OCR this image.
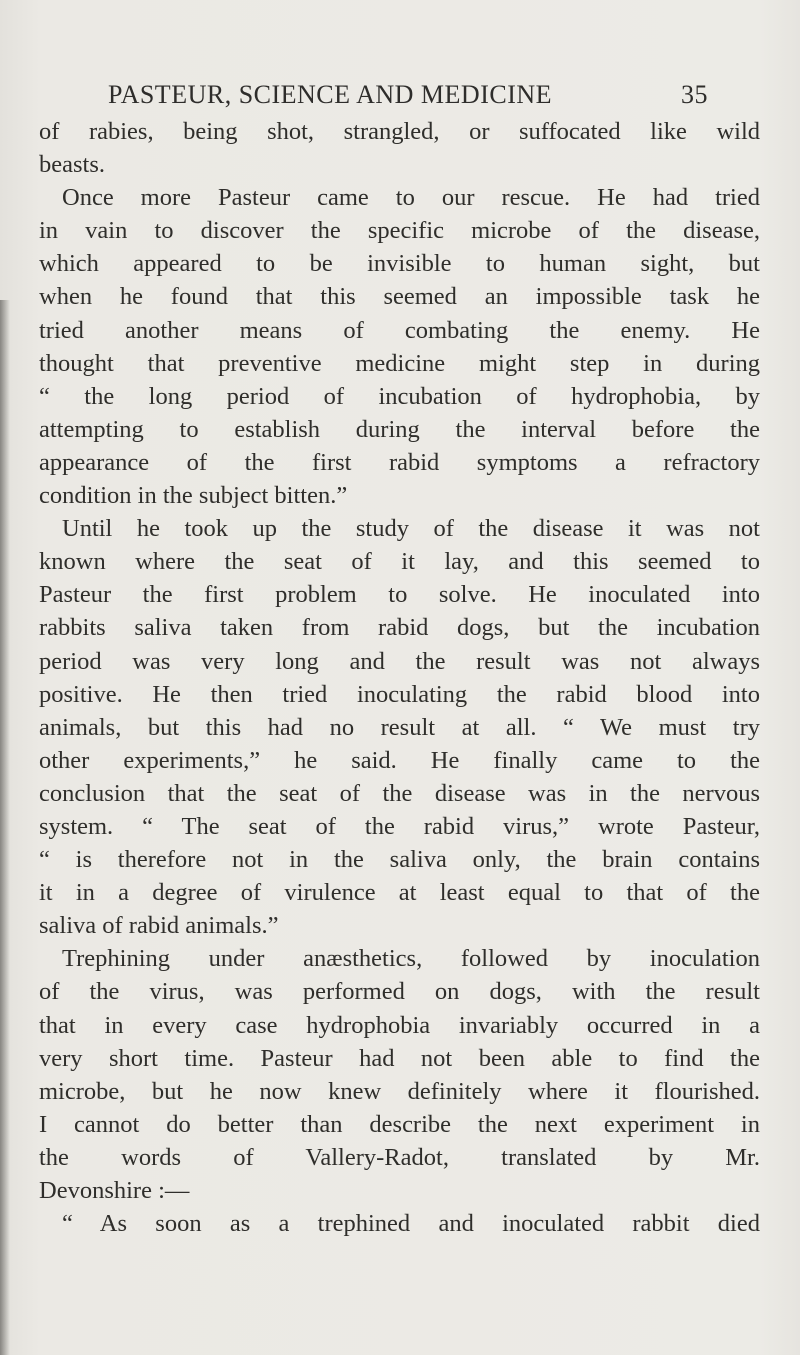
PASTEUR, SCIENCE AND MEDICINE	35
of rabies, being shot, strangled, or suffocated like wild
beasts.
Once more Pasteur came to our rescue. He had tried
in vain to discover the specific microbe of the disease,
which appeared to be invisible to human sight, but
when he found that this seemed an impossible task he
tried another means of combating the enemy. He
thought that preventive medicine might step in during
“ the long period of incubation of hydrophobia, by
attempting to establish during the interval before the
appearance of the first rabid symptoms a refractory
condition in the subject bitten.”
Until he took up the study of the disease it was not
known where the seat of it lay, and this seemed to
Pasteur the first problem to solve. He inoculated into
rabbits saliva taken from rabid dogs, but the incubation
period was very long and the result was not always
positive. He then tried inoculating the rabid blood into
animals, but this had no result at all. “ We must try
other experiments,” he said. He finally came to the
conclusion that the seat of the disease was in the nervous
system. “ The seat of the rabid virus,” wrote Pasteur,
“ is therefore not in the saliva only, the brain contains
it in a degree of virulence at least equal to that of the
saliva of rabid animals.”
Trephining under anæsthetics, followed by inoculation
of the virus, was performed on dogs, with the result
that in every case hydrophobia invariably occurred in a
very short time. Pasteur had not been able to find the
microbe, but he now knew definitely where it flourished.
I cannot do better than describe the next experiment in
the words of Vallery-Radot, translated by Mr.
Devonshire :—
“ As soon as a trephined and inoculated rabbit died
